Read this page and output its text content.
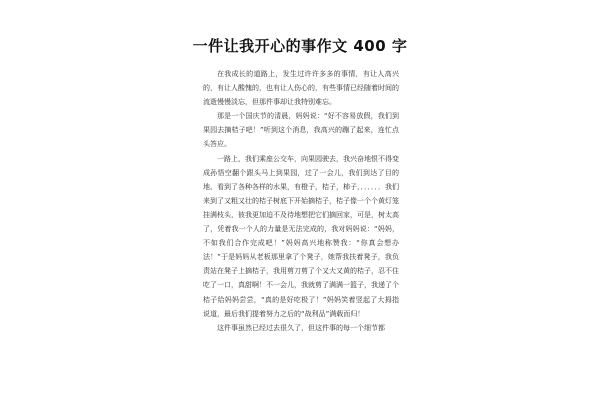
一件让我开心的事作文 400 字

在我成长的道路上，发生过许许多多的事情，有让人高兴的，有让人酸愧的，也有让人伤心的，有些事情已经随着时间的流逝慢慢淡忘，但那件事却让我特别难忘。

那是一个国庆节的清晨，妈妈说：“好不容易放假，我们到果园去摘桔子吧！”听到这个消息，我高兴的蹦了起来，连忙点头答应。

一路上，我们乘座公交车，向果园驶去，我兴奋地恨不得变成孙悟空翻个跟头马上到果园，过了一会儿，我们到达了目的地，看到了各种各样的水果，有橙子，桔子，柿子，．．．．．．我们来到了又粗又壮的桔子树底下开始摘桔子，桔子像一个个黄灯笼挂满枝头，彼我更加迫不及待地想把它们摘回家，可是，树太高了，凭着我一个人的力量是无法完成的，我对妈妈说：“妈妈，不如我们合作完成吧！”妈妈高兴地称赞我：“你真会想办法！”于是妈妈从老板那里拿了个凳子，她帮我扶着凳子，我负责站在凳子上摘桔子，我用剪刀剪了个又大又黄的桔子，忍不住吃了一口，真甜啊！不一会儿，我就剪了满满一篮子，我递了个桔子给妈妈尝尝，“真的是好吃极了！”妈妈笑着竖起了大拇指说道，最后我们提着努力之后的“战利品”满载而归！

这件事虽然已经过去很久了，但这件事的每一个细节都
